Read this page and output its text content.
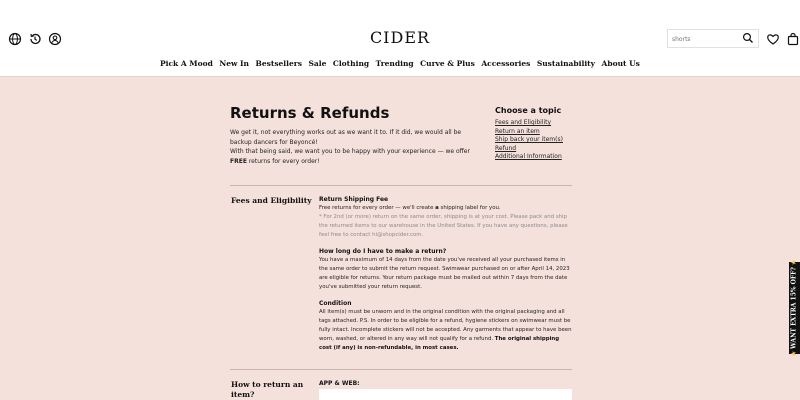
CIDER
shorts
Pick A Mood New In Bestsellers Sale Clothing Trending Curve & Plus Accessories Sustainability About Us
Returns & Refunds

We get it, not everything works out as we want it to. If it did, we would all be backup dancers for Beyoncé!

With that being said, we want you to be happy with your experience — we offer FREE returns for every order!

Choose a topic
Fees and Eligibility
Return an item
Ship back your item(s)
Refund
Additional Information
Fees and Eligibility Return Shipping Fee
Free returns for every order — we'll create a shipping label for you.
* For 2nd (or more) return on the same order, shipping is at your cost. Please pack and ship the returned items to our warehouse in the United States. If you have any questions, please feel free to contact hi@shopcider.com.
How long do I have to make a return?
You have a maximum of 14 days from the date you've received all your purchased items in the same order to submit the return request. Swimwear purchased on or after April 14, 2023 are eligible for returns. Your return package must be mailed out within 7 days from the date you've submitted your return request.
Condition
All item(s) must be unworn and in the original condition with the original packaging and all tags attached. P.S. In order to be eligible for a refund, hygiene stickers on swimwear must be fully intact. Incomplete stickers will not be accepted. Any garments that appear to have been worn, washed, or altered in any way will not qualify for a refund. The original shipping cost (if any) is non-refundable, in most cases.
How to return an
item?
APP & WEB:
★ WANT EXTRA 15% OFF? ★
